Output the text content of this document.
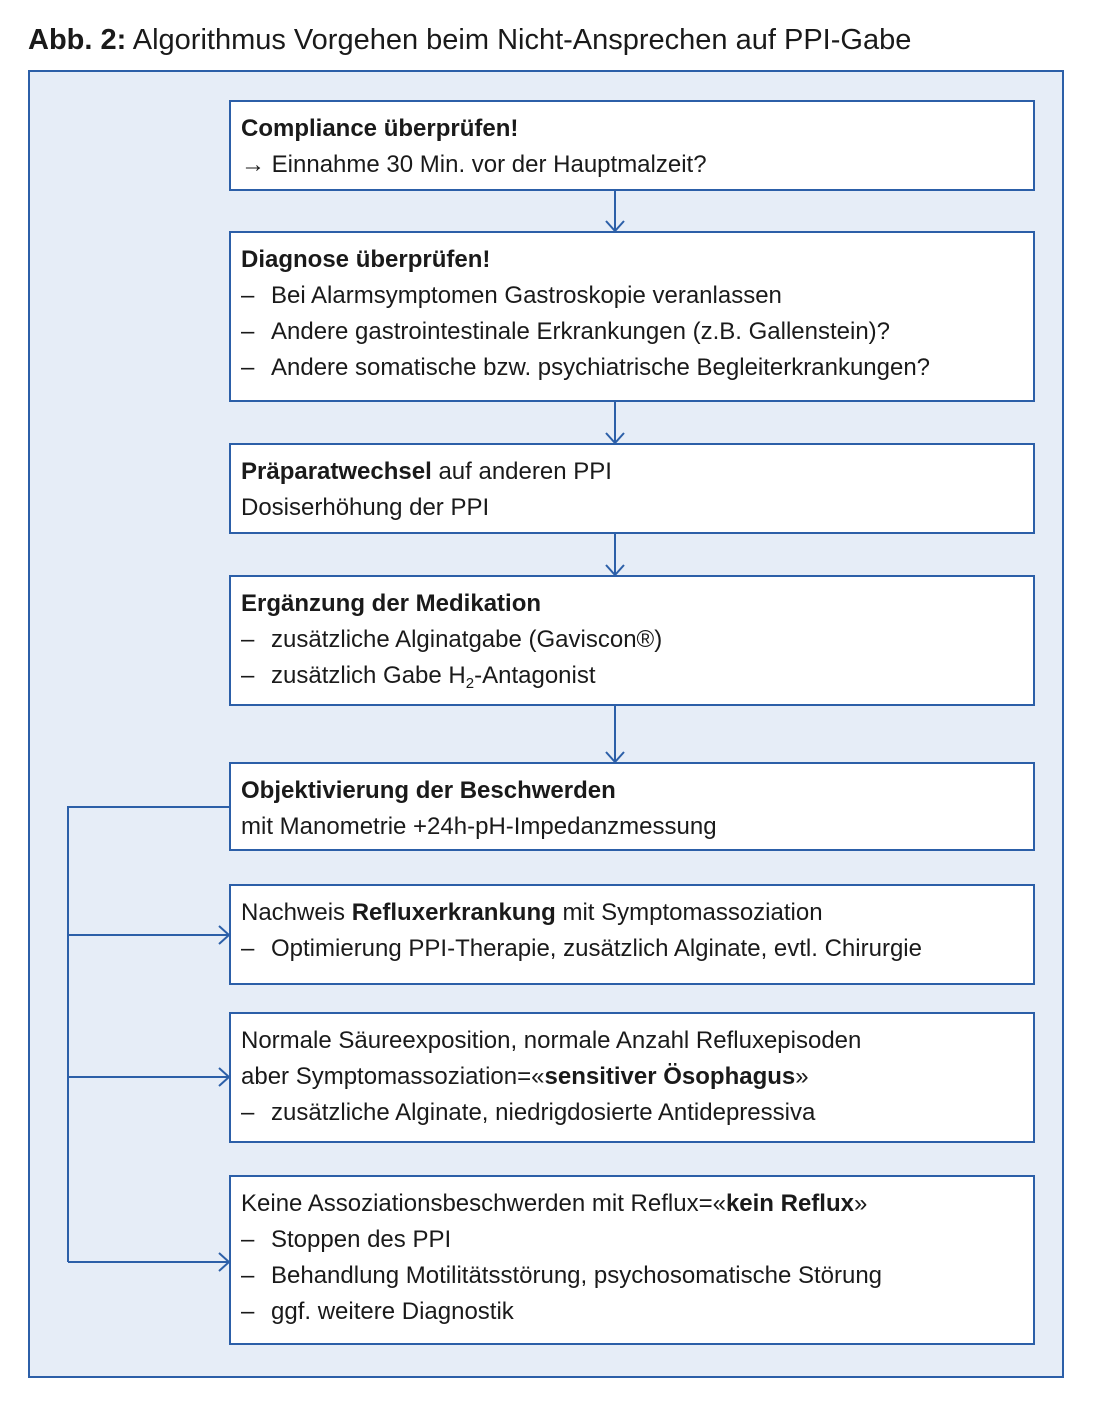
Abb. 2: Algorithmus Vorgehen beim Nicht-Ansprechen auf PPI-Gabe
Compliance überprüfen!
→ Einnahme 30 Min. vor der Hauptmalzeit?
Diagnose überprüfen!
– Bei Alarmsymptomen Gastroskopie veranlassen
– Andere gastrointestinale Erkrankungen (z.B. Gallenstein)?
– Andere somatische bzw. psychiatrische Begleiterkrankungen?
Präparatwechsel auf anderen PPI
Dosiserhöhung der PPI
Ergänzung der Medikation
– zusätzliche Alginatgabe (Gaviscon®)
– zusätzlich Gabe $H_2$-Antagonist
Objektivierung der Beschwerden
mit Manometrie +24h-pH-Impedanzmessung
Nachweis Refluxerkrankung mit Symptomassoziation
– Optimierung PPI-Therapie, zusätzlich Alginate, evtl. Chirurgie
Normale Säureexposition, normale Anzahl Refluxepisoden
aber Symptomassoziation=«sensitiver Ösophagus»
– zusätzliche Alginate, niedrigdosierte Antidepressiva
Keine Assoziationsbeschwerden mit Reflux=«kein Reflux»
– Stoppen des PPI
– Behandlung Motilitätsstörung, psychosomatische Störung
– ggf. weitere Diagnostik
